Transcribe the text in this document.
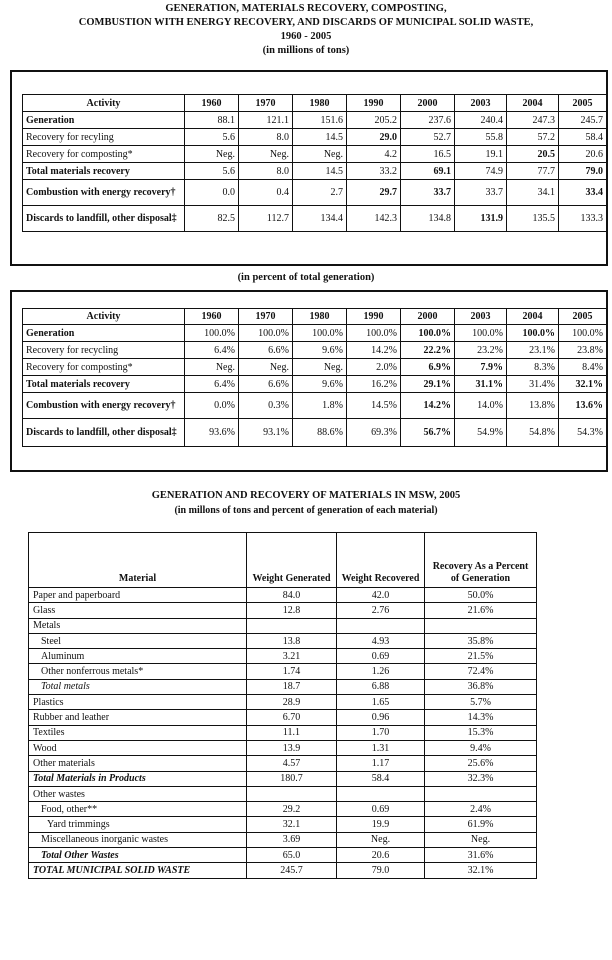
GENERATION, MATERIALS RECOVERY, COMPOSTING,
COMBUSTION WITH ENERGY RECOVERY, AND DISCARDS OF MUNICIPAL SOLID WASTE,
1960 - 2005
(in millions of tons)
Activity	1960	1970	1980	1990	2000	2003	2004	2005
Generation	88.1	121.1	151.6	205.2	237.6	240.4	247.3	245.7
Recovery for recyling	5.6	8.0	14.5	29.0	52.7	55.8	57.2	58.4
Recovery for composting*	Neg.	Neg.	Neg.	4.2	16.5	19.1	20.5	20.6
Total materials recovery	5.6	8.0	14.5	33.2	69.1	74.9	77.7	79.0
Combustion with energy recovery†	0.0	0.4	2.7	29.7	33.7	33.7	34.1	33.4
Discards to landfill, other disposal‡	82.5	112.7	134.4	142.3	134.8	131.9	135.5	133.3
(in percent of total generation)
Activity	1960	1970	1980	1990	2000	2003	2004	2005
Generation	100.0%	100.0%	100.0%	100.0%	100.0%	100.0%	100.0%	100.0%
Recovery for recycling	6.4%	6.6%	9.6%	14.2%	22.2%	23.2%	23.1%	23.8%
Recovery for composting*	Neg.	Neg.	Neg.	2.0%	6.9%	7.9%	8.3%	8.4%
Total materials recovery	6.4%	6.6%	9.6%	16.2%	29.1%	31.1%	31.4%	32.1%
Combustion with energy recovery†	0.0%	0.3%	1.8%	14.5%	14.2%	14.0%	13.8%	13.6%
Discards to landfill, other disposal‡	93.6%	93.1%	88.6%	69.3%	56.7%	54.9%	54.8%	54.3%
GENERATION AND RECOVERY OF MATERIALS IN MSW, 2005
(in millons of tons and percent of generation of each material)
Material	Weight Generated	Weight Recovered	Recovery As a Percent of Generation
Paper and paperboard	84.0	42.0	50.0%
Glass	12.8	2.76	21.6%
Metals			
Steel	13.8	4.93	35.8%
Aluminum	3.21	0.69	21.5%
Other nonferrous metals*	1.74	1.26	72.4%
Total metals	18.7	6.88	36.8%
Plastics	28.9	1.65	5.7%
Rubber and leather	6.70	0.96	14.3%
Textiles	11.1	1.70	15.3%
Wood	13.9	1.31	9.4%
Other materials	4.57	1.17	25.6%
Total Materials in Products	180.7	58.4	32.3%
Other wastes			
Food, other**	29.2	0.69	2.4%
Yard trimmings	32.1	19.9	61.9%
Miscellaneous inorganic wastes	3.69	Neg.	Neg.
Total Other Wastes	65.0	20.6	31.6%
TOTAL MUNICIPAL SOLID WASTE	245.7	79.0	32.1%
